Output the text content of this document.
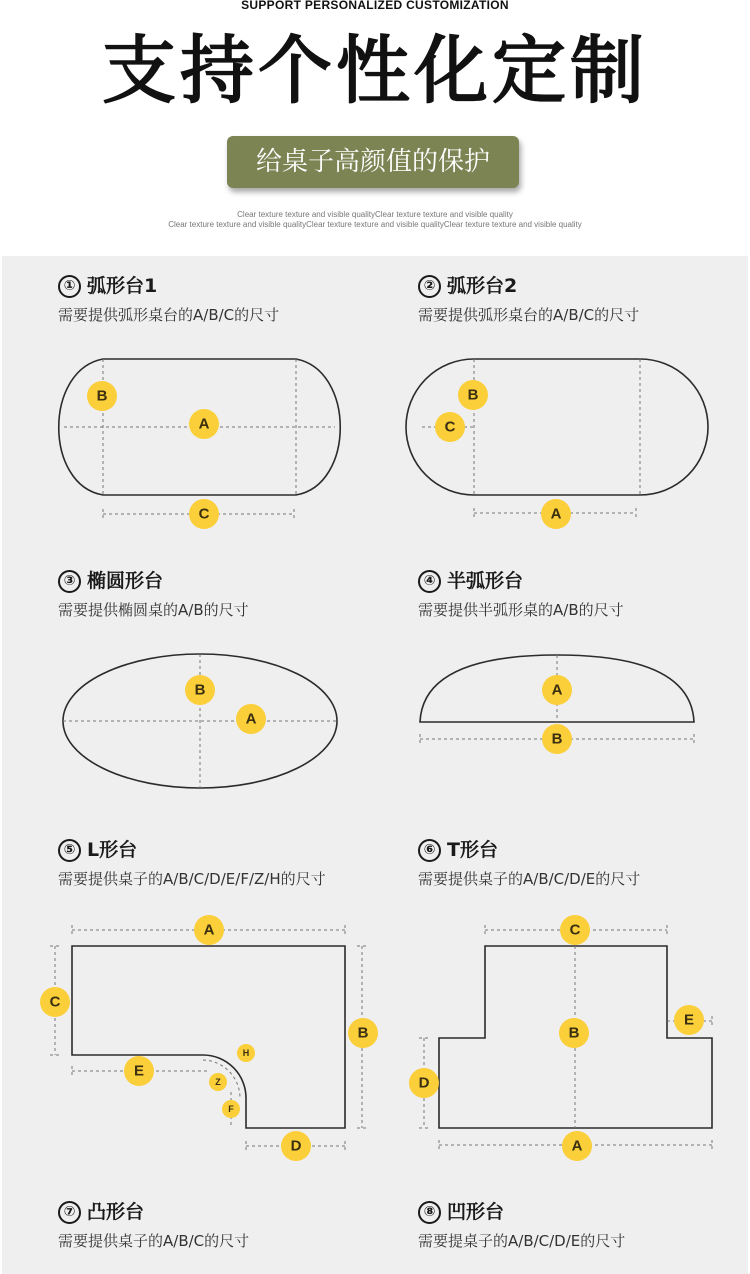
SUPPORT PERSONALIZED CUSTOMIZATION
支持个性化定制
给桌子高颜值的保护
Clear texture texture and visible qualityClear texture texture and visible quality
Clear texture texture and visible qualityClear texture texture and visible qualityClear texture texture and visible quality
① 弧形台1
需要提供弧形桌台的A/B/C的尺寸
② 弧形台2
需要提供弧形桌台的A/B/C的尺寸
③ 椭圆形台
需要提供椭圆桌的A/B的尺寸
④ 半弧形台
需要提供半弧形桌的A/B的尺寸
⑤ L形台
需要提供桌子的A/B/C/D/E/F/Z/H的尺寸
⑥ T形台
需要提供桌子的A/B/C/D/E的尺寸
⑦ 凸形台
需要提供桌子的A/B/C的尺寸
⑧ 凹形台
需要提桌子的A/B/C/D/E的尺寸
A
B
C
B
C
A
B
A
A
B
A
B
C
E
D
H
Z
F
C
B
E
D
A
